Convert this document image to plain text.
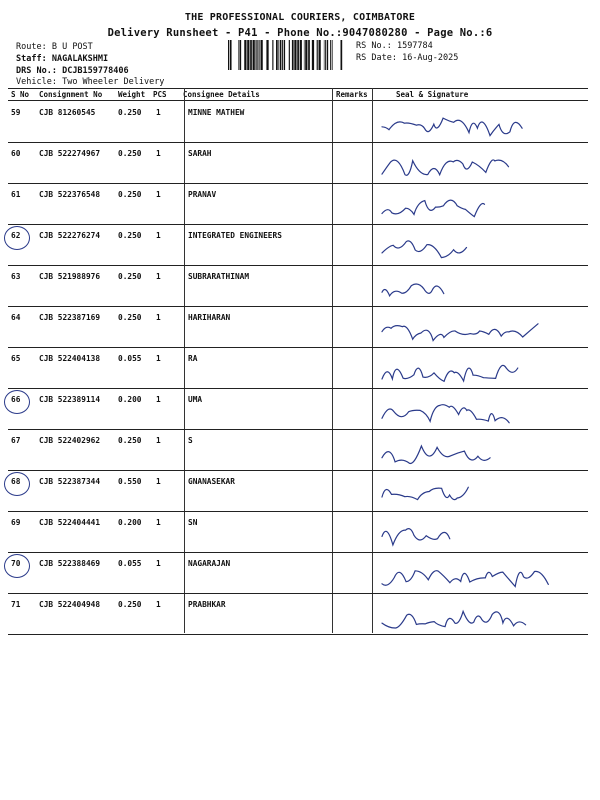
THE PROFESSIONAL COURIERS, COIMBATORE
Delivery Runsheet - P41 - Phone No.:9047080280 - Page No.:6
Route: B U POST
Staff: NAGALAKSHMI
DRS No.: DCJB159778406
Vehicle: Two Wheeler Delivery
RS No.: 1597784
RS Date: 16-Aug-2025
S No Consignment No Weight PCS Consignee Details	Remarks	Seal & Signature
59 CJB 81260545	0.250 1	MINNE MATHEW
60 CJB 522274967 0.250 1	SARAH
61 CJB 522376548 0.250 1	PRANAV
62 CJB 522276274 0.250 1	INTEGRATED ENGINEERS
63 CJB 521988976 0.250 1	SUBRARATHINAM
64 CJB 522387169 0.250 1	HARIHARAN
65 CJB 522404138 0.055 1	RA
66 CJB 522389114 0.200 1	UMA
67 CJB 522402962 0.250 1	S
68 CJB 522387344 0.550 1	GNANASEKAR
69 CJB 522404441 0.200 1	SN
70 CJB 522388469 0.055 1	NAGARAJAN
71 CJB 522404948 0.250 1	PRABHKAR
